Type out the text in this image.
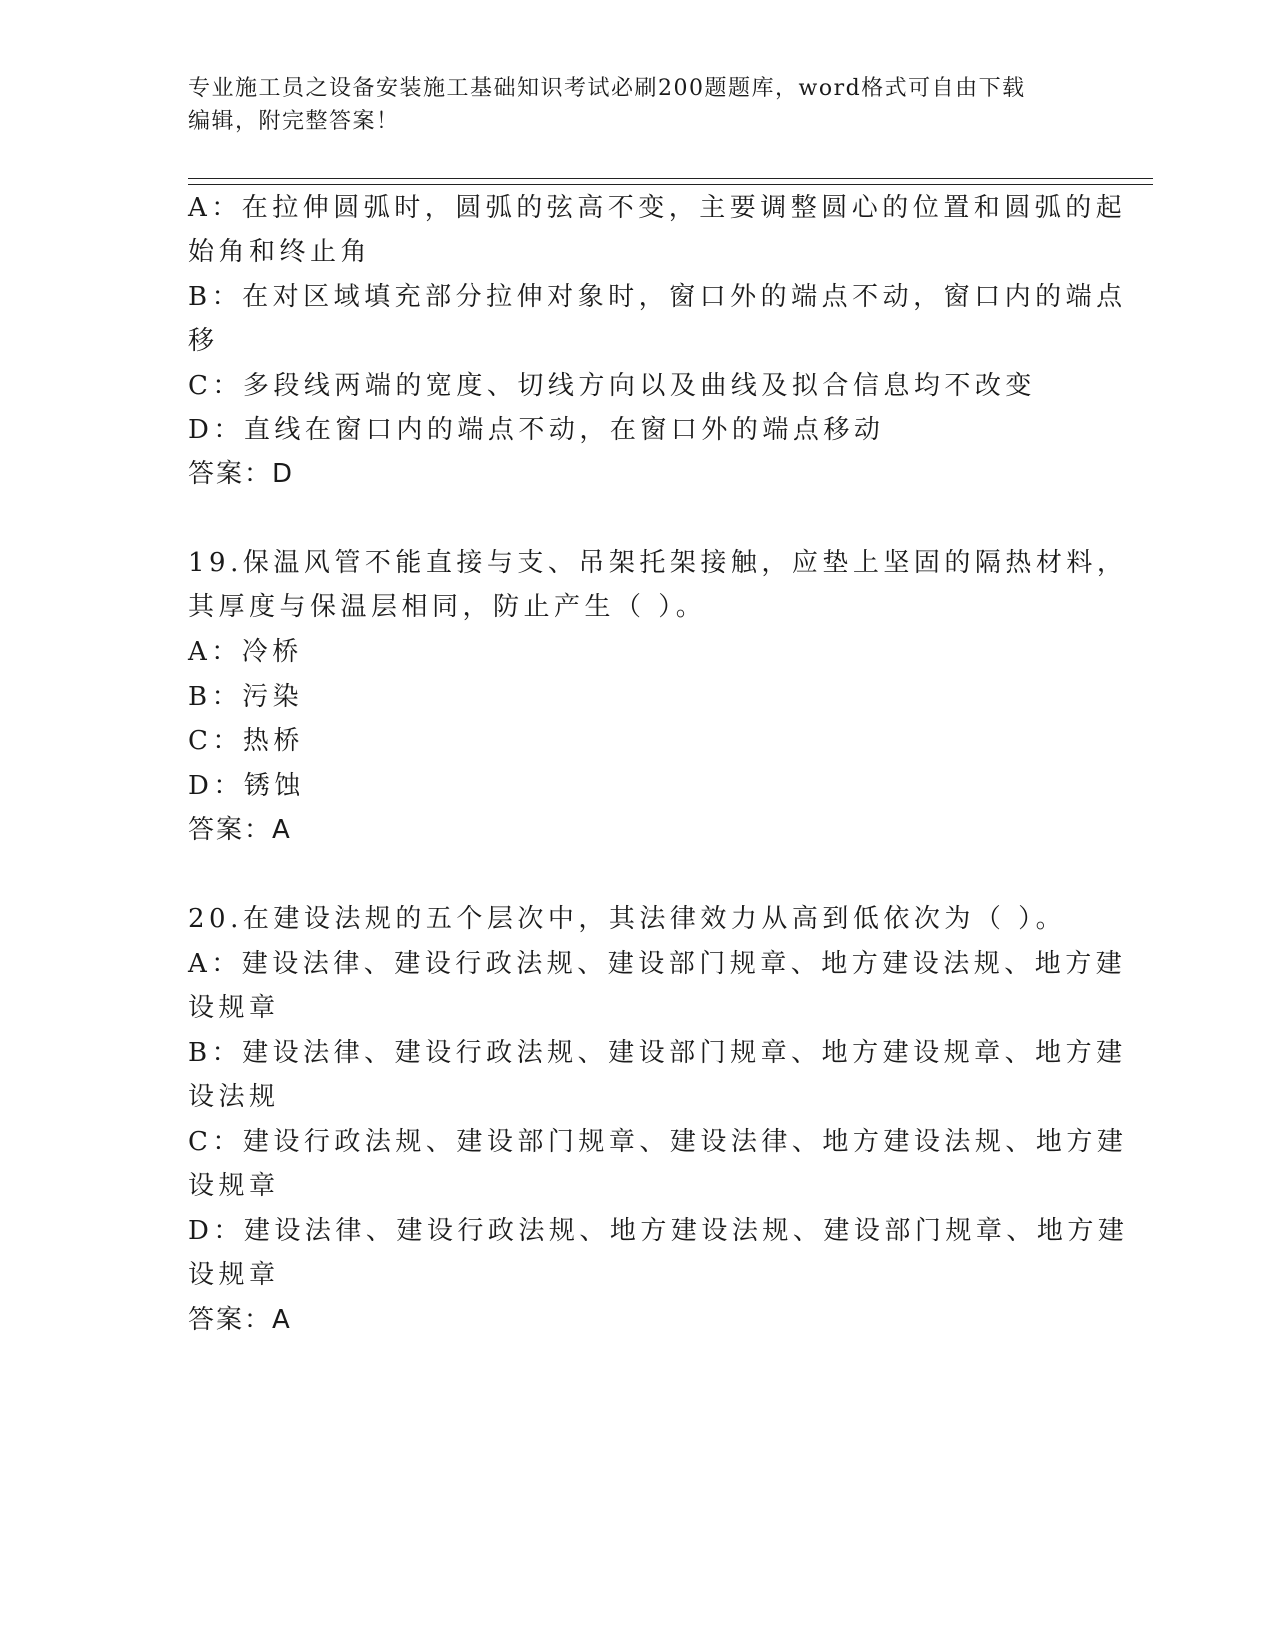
专业施工员之设备安装施工基础知识考试必刷200题题库，word格式可自由下载
编辑，附完整答案！
A：在拉伸圆弧时，圆弧的弦高不变，主要调整圆心的位置和圆弧的起
始角和终止角
B：在对区域填充部分拉伸对象时，窗口外的端点不动，窗口内的端点
移
C：多段线两端的宽度、切线方向以及曲线及拟合信息均不改变
D：直线在窗口内的端点不动，在窗口外的端点移动
答案：D
19.保温风管不能直接与支、吊架托架接触，应垫上坚固的隔热材料，
其厚度与保温层相同，防止产生（ ）。
A：冷桥
B：污染
C：热桥
D：锈蚀
答案：A
20.在建设法规的五个层次中，其法律效力从高到低依次为（ ）。
A：建设法律、建设行政法规、建设部门规章、地方建设法规、地方建
设规章
B：建设法律、建设行政法规、建设部门规章、地方建设规章、地方建
设法规
C：建设行政法规、建设部门规章、建设法律、地方建设法规、地方建
设规章
D：建设法律、建设行政法规、地方建设法规、建设部门规章、地方建
设规章
答案：A
